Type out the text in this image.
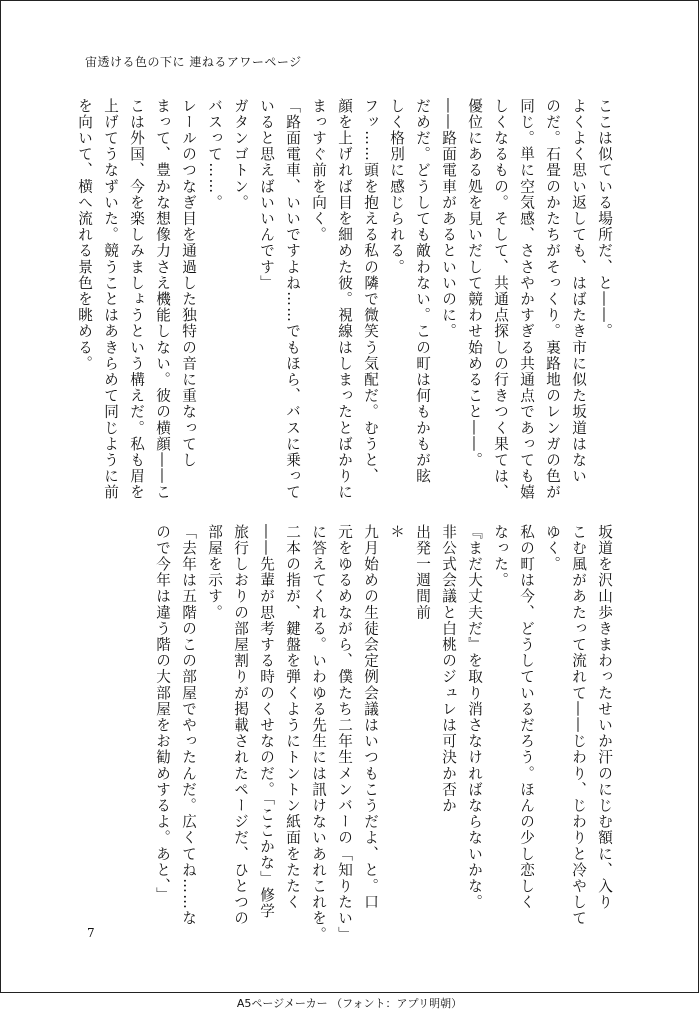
宙透ける色の下に 連ねるアワーページ
ここは似ている場所だ、と――。
よくよく思い返しても、はばたき市に似た坂道はない
のだ。石畳のかたちがそっくり。裏路地のレンガの色が
同じ。単に空気感、ささやかすぎる共通点であっても嬉
しくなるもの。そして、共通点探しの行きつく果ては、
優位にある処を見いだして競わせ始めること――。
――路面電車があるといいのに。
だめだ。どうしても敵わない。この町は何もかもが眩
しく格別に感じられる。
フッ……頭を抱える私の隣で微笑う気配だ。むうと、
顔を上げれば目を細めた彼。視線はしまったとばかりに
まっすぐ前を向く。
「路面電車、いいですよね……でもほら、バスに乗って
いると思えばいいんです」
ガタンゴトン。
バスって……。
レールのつなぎ目を通過した独特の音に重なってし
まって、豊かな想像力さえ機能しない。彼の横顔――こ
こは外国、今を楽しみましょうという構えだ。私も眉を
上げてうなずいた。競うことはあきらめて同じように前
を向いて、横へ流れる景色を眺める。
坂道を沢山歩きまわったせいか汗のにじむ額に、入り
こむ風があたって流れて――じわり、じわりと冷やして
ゆく。
私の町は今、どうしているだろう。ほんの少し恋しく
なった。
『まだ大丈夫だ』を取り消さなければならないかな。
非公式会議と白桃のジュレは可決か否か
出発一週間前
＊
九月始めの生徒会定例会議はいつもこうだよ、と。口
元をゆるめながら、僕たち二年生メンバーの「知りたい」
に答えてくれる。いわゆる先生には訊けないあれこれを。
二本の指が、鍵盤を弾くようにトントン紙面をたたく
――先輩が思考する時のくせなのだ。「ここかな」修学
旅行しおりの部屋割りが掲載されたページだ、ひとつの
部屋を示す。
「去年は五階のこの部屋でやったんだ。広くてね……な
ので今年は違う階の大部屋をお勧めするよ。あと、」
7
A5ページメーカー （フォント：アプリ明朝）
